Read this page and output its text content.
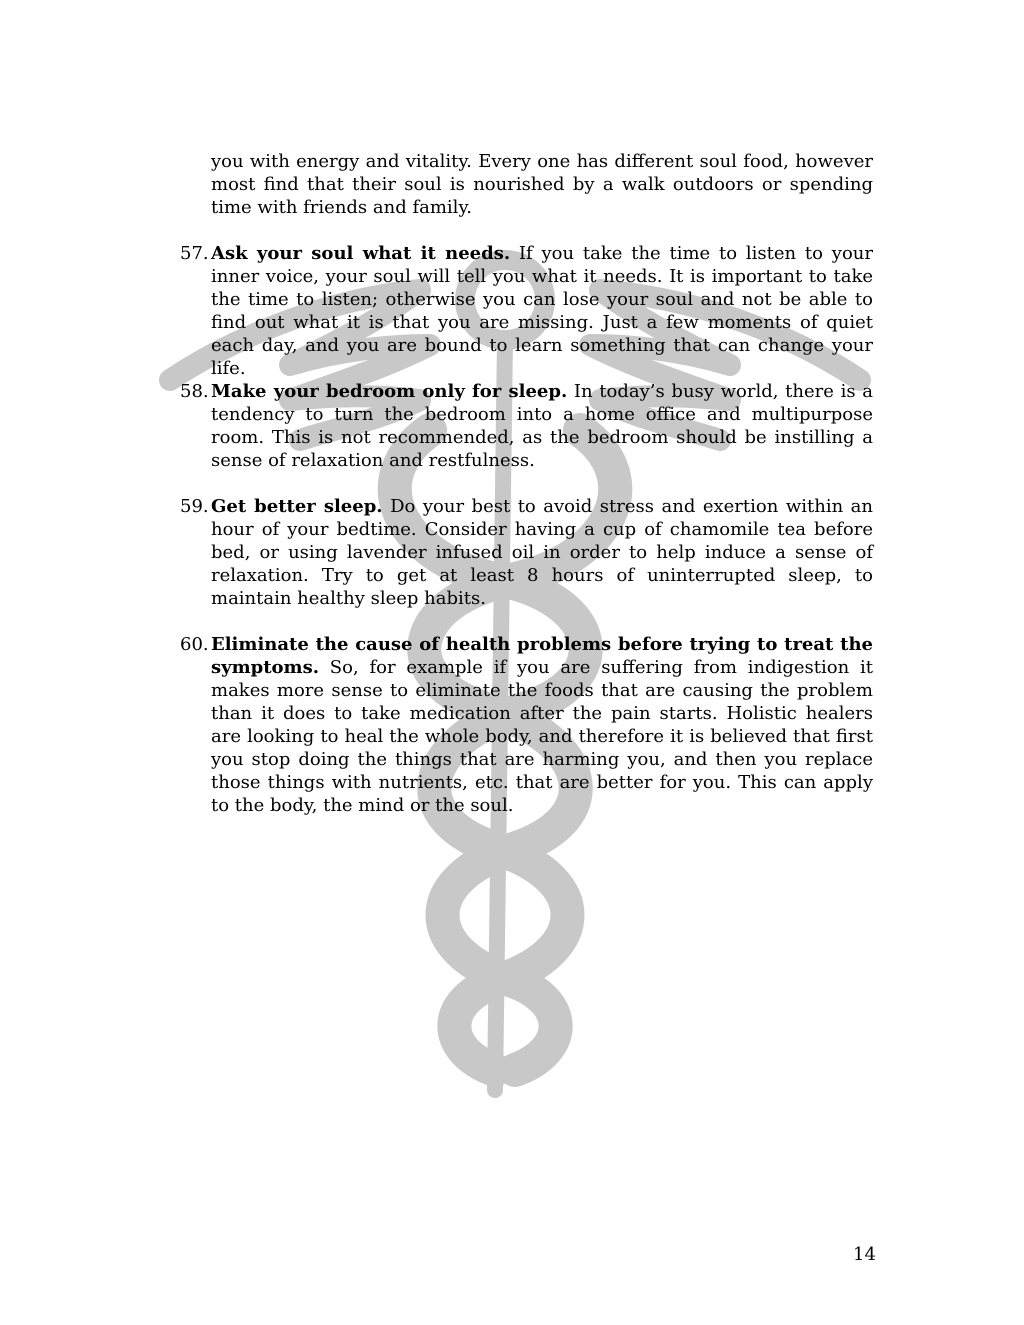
you with energy and vitality. Every one has different soul food, however most find that their soul is nourished by a walk outdoors or spending time with friends and family.
57. Ask your soul what it needs. If you take the time to listen to your inner voice, your soul will tell you what it needs. It is important to take the time to listen; otherwise you can lose your soul and not be able to find out what it is that you are missing. Just a few moments of quiet each day, and you are bound to learn something that can change your life.
58. Make your bedroom only for sleep. In today’s busy world, there is a tendency to turn the bedroom into a home office and multipurpose room. This is not recommended, as the bedroom should be instilling a sense of relaxation and restfulness.
59. Get better sleep. Do your best to avoid stress and exertion within an hour of your bedtime. Consider having a cup of chamomile tea before bed, or using lavender infused oil in order to help induce a sense of relaxation. Try to get at least 8 hours of uninterrupted sleep, to maintain healthy sleep habits.
60. Eliminate the cause of health problems before trying to treat the symptoms. So, for example if you are suffering from indigestion it makes more sense to eliminate the foods that are causing the problem than it does to take medication after the pain starts. Holistic healers are looking to heal the whole body, and therefore it is believed that first you stop doing the things that are harming you, and then you replace those things with nutrients, etc. that are better for you. This can apply to the body, the mind or the soul.
14
